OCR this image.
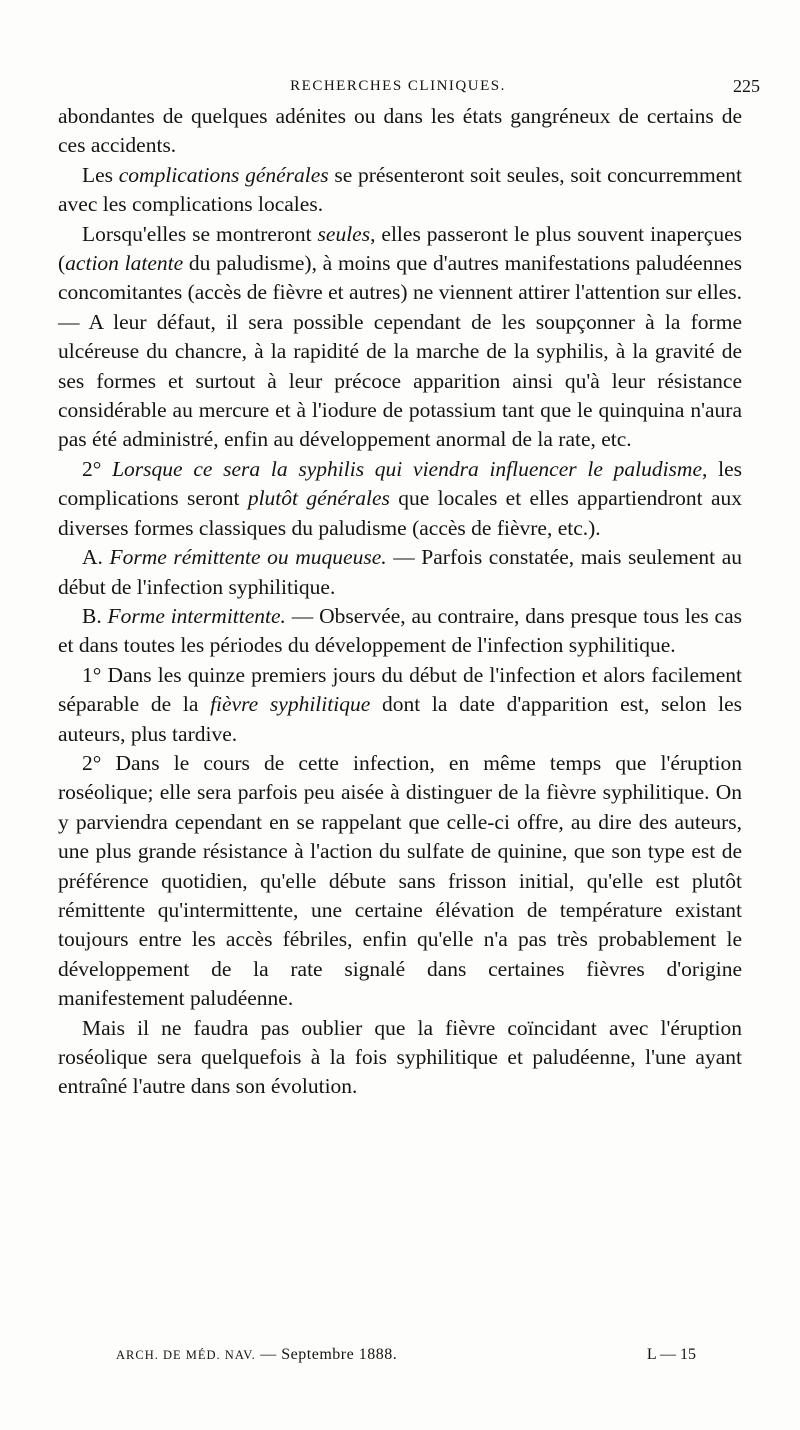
RECHERCHES CLINIQUES.	225

abondantes de quelques adénites ou dans les états gangréneux de certains de ces accidents.

Les complications générales se présenteront soit seules, soit concurremment avec les complications locales.

Lorsqu'elles se montreront seules, elles passeront le plus souvent inaperçues (action latente du paludisme), à moins que d'autres manifestations paludéennes concomitantes (accès de fièvre et autres) ne viennent attirer l'attention sur elles. — A leur défaut, il sera possible cependant de les soupçonner à la forme ulcéreuse du chancre, à la rapidité de la marche de la syphilis, à la gravité de ses formes et surtout à leur précoce apparition ainsi qu'à leur résistance considérable au mercure et à l'iodure de potassium tant que le quinquina n'aura pas été administré, enfin au développement anormal de la rate, etc.

2° Lorsque ce sera la syphilis qui viendra influencer le paludisme, les complications seront plutôt générales que locales et elles appartiendront aux diverses formes classiques du paludisme (accès de fièvre, etc.).

A. Forme rémittente ou muqueuse. — Parfois constatée, mais seulement au début de l'infection syphilitique.

B. Forme intermittente. — Observée, au contraire, dans presque tous les cas et dans toutes les périodes du développement de l'infection syphilitique.

1° Dans les quinze premiers jours du début de l'infection et alors facilement séparable de la fièvre syphilitique dont la date d'apparition est, selon les auteurs, plus tardive.

2° Dans le cours de cette infection, en même temps que l'éruption roséolique; elle sera parfois peu aisée à distinguer de la fièvre syphilitique. On y parviendra cependant en se rappelant que celle-ci offre, au dire des auteurs, une plus grande résistance à l'action du sulfate de quinine, que son type est de préférence quotidien, qu'elle débute sans frisson initial, qu'elle est plutôt rémittente qu'intermittente, une certaine élévation de température existant toujours entre les accès fébriles, enfin qu'elle n'a pas très probablement le développement de la rate signalé dans certaines fièvres d'origine manifestement paludéenne.

Mais il ne faudra pas oublier que la fièvre coïncidant avec l'éruption roséolique sera quelquefois à la fois syphilitique et paludéenne, l'une ayant entraîné l'autre dans son évolution.

ARCH. DE MÉD. NAV. — Septembre 1888.	L — 15
